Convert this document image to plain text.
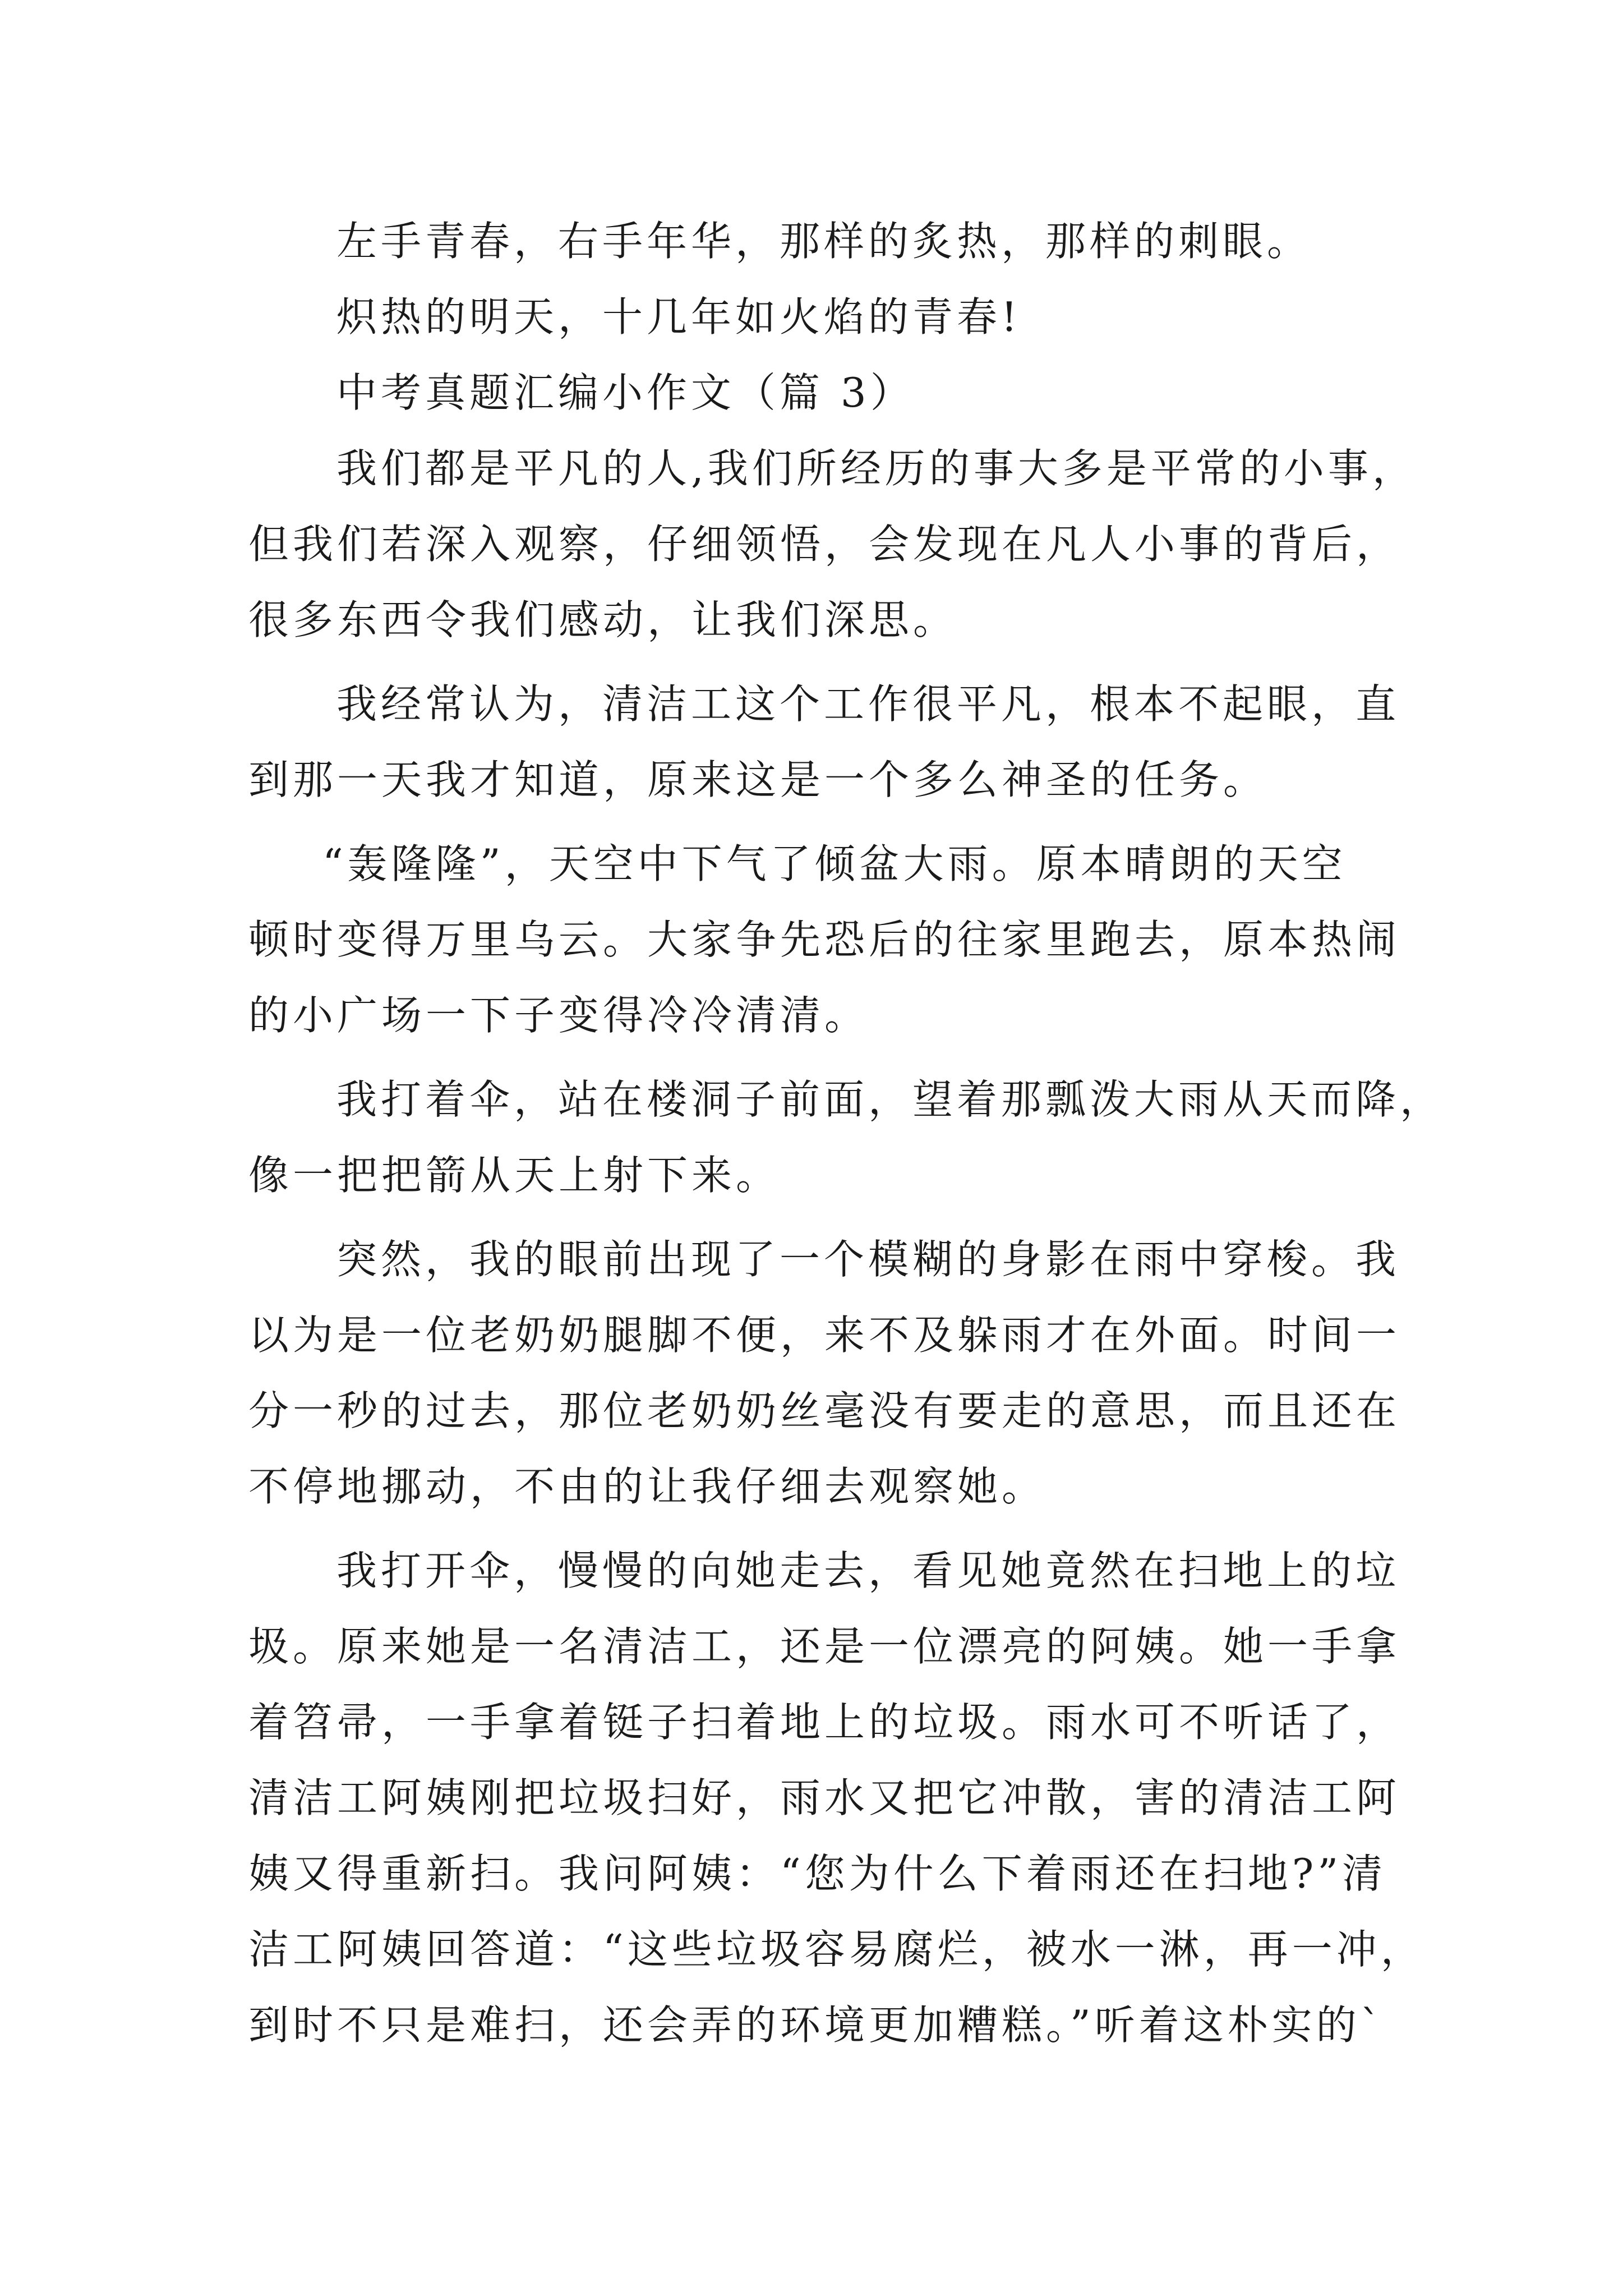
左手青春，右手年华，那样的炙热，那样的刺眼。
炽热的明天，十几年如火焰的青春!
中考真题汇编小作文（篇 3）
我们都是平凡的人,我们所经历的事大多是平常的小事，
但我们若深入观察，仔细领悟，会发现在凡人小事的背后，
很多东西令我们感动，让我们深思。
我经常认为，清洁工这个工作很平凡，根本不起眼，直
到那一天我才知道，原来这是一个多么神圣的任务。
“轰隆隆”，天空中下气了倾盆大雨。原本晴朗的天空
顿时变得万里乌云。大家争先恐后的往家里跑去，原本热闹
的小广场一下子变得冷冷清清。
我打着伞，站在楼洞子前面，望着那瓢泼大雨从天而降，
像一把把箭从天上射下来。
突然，我的眼前出现了一个模糊的身影在雨中穿梭。我
以为是一位老奶奶腿脚不便，来不及躲雨才在外面。时间一
分一秒的过去，那位老奶奶丝毫没有要走的意思，而且还在
不停地挪动，不由的让我仔细去观察她。
我打开伞，慢慢的向她走去，看见她竟然在扫地上的垃
圾。原来她是一名清洁工，还是一位漂亮的阿姨。她一手拿
着笤帚，一手拿着铤子扫着地上的垃圾。雨水可不听话了，
清洁工阿姨刚把垃圾扫好，雨水又把它冲散，害的清洁工阿
姨又得重新扫。我问阿姨：“您为什么下着雨还在扫地?”清
洁工阿姨回答道：“这些垃圾容易腐烂，被水一淋，再一冲，
到时不只是难扫，还会弄的环境更加糟糕。”听着这朴实的`
